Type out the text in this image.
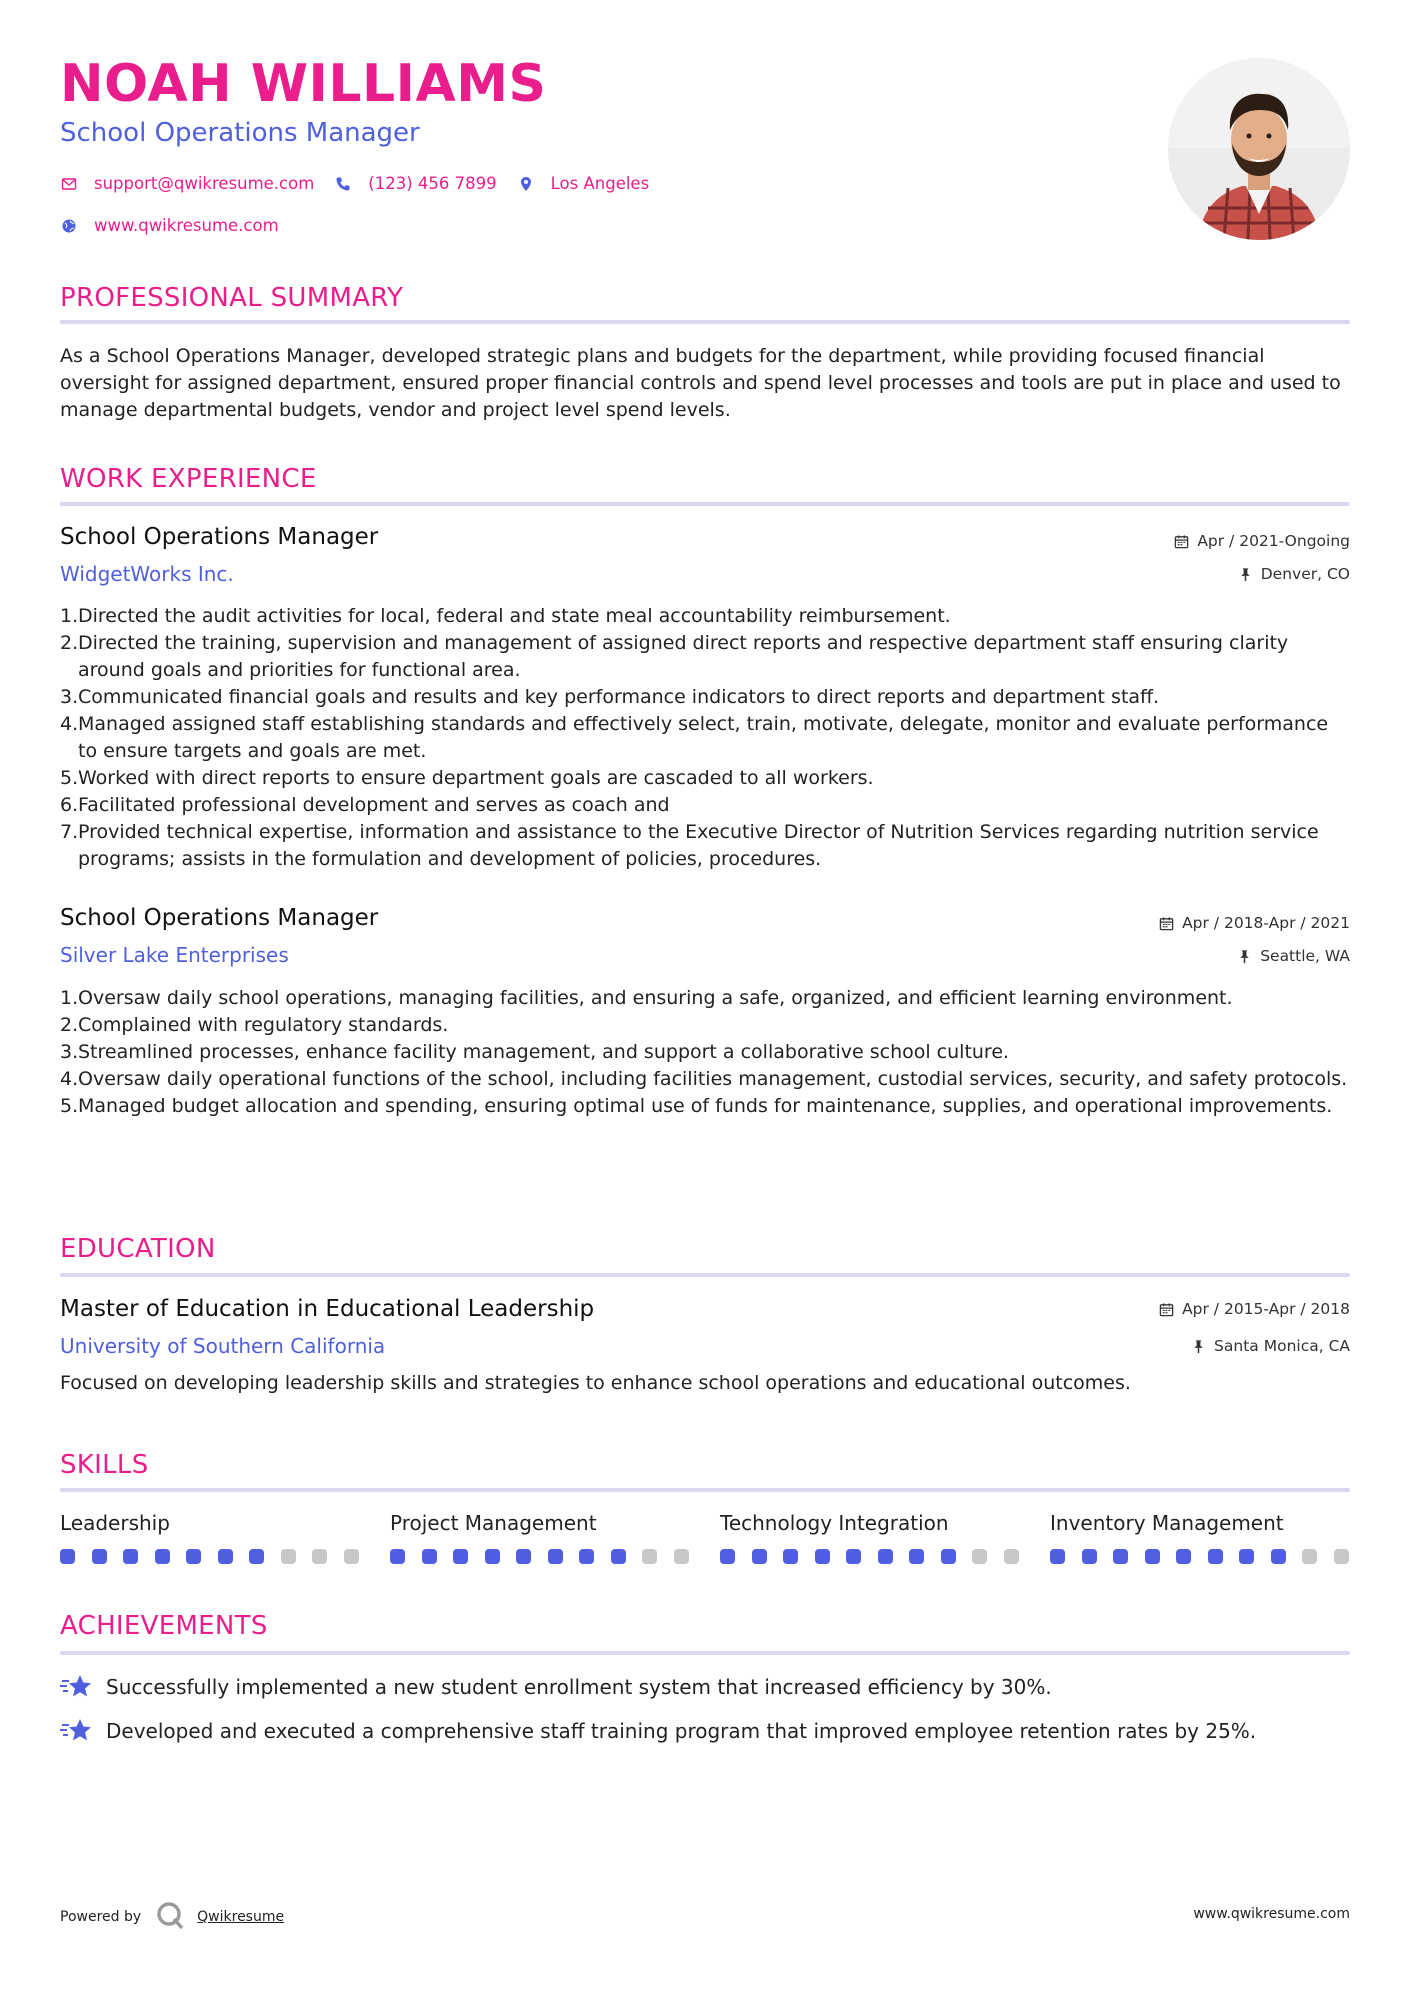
NOAH WILLIAMS
School Operations Manager
support@qwikresume.com	(123) 456 7899	Los Angeles
www.qwikresume.com
PROFESSIONAL SUMMARY
As a School Operations Manager, developed strategic plans and budgets for the department, while providing focused financial oversight for assigned department, ensured proper financial controls and spend level processes and tools are put in place and used to manage departmental budgets, vendor and project level spend levels.
WORK EXPERIENCE
School Operations Manager	Apr / 2021-Ongoing
WidgetWorks Inc.	Denver, CO
1. Directed the audit activities for local, federal and state meal accountability reimbursement.
2. Directed the training, supervision and management of assigned direct reports and respective department staff ensuring clarity around goals and priorities for functional area.
3. Communicated financial goals and results and key performance indicators to direct reports and department staff.
4. Managed assigned staff establishing standards and effectively select, train, motivate, delegate, monitor and evaluate performance to ensure targets and goals are met.
5. Worked with direct reports to ensure department goals are cascaded to all workers.
6. Facilitated professional development and serves as coach and
7. Provided technical expertise, information and assistance to the Executive Director of Nutrition Services regarding nutrition service programs; assists in the formulation and development of policies, procedures.
School Operations Manager	Apr / 2018-Apr / 2021
Silver Lake Enterprises	Seattle, WA
1. Oversaw daily school operations, managing facilities, and ensuring a safe, organized, and efficient learning environment.
2. Complained with regulatory standards.
3. Streamlined processes, enhance facility management, and support a collaborative school culture.
4. Oversaw daily operational functions of the school, including facilities management, custodial services, security, and safety protocols.
5. Managed budget allocation and spending, ensuring optimal use of funds for maintenance, supplies, and operational improvements.
EDUCATION
Master of Education in Educational Leadership	Apr / 2015-Apr / 2018
University of Southern California	Santa Monica, CA
Focused on developing leadership skills and strategies to enhance school operations and educational outcomes.
SKILLS
Leadership	Project Management	Technology Integration	Inventory Management
ACHIEVEMENTS
Successfully implemented a new student enrollment system that increased efficiency by 30%.
Developed and executed a comprehensive staff training program that improved employee retention rates by 25%.
Powered by	Qwikresume	www.qwikresume.com
